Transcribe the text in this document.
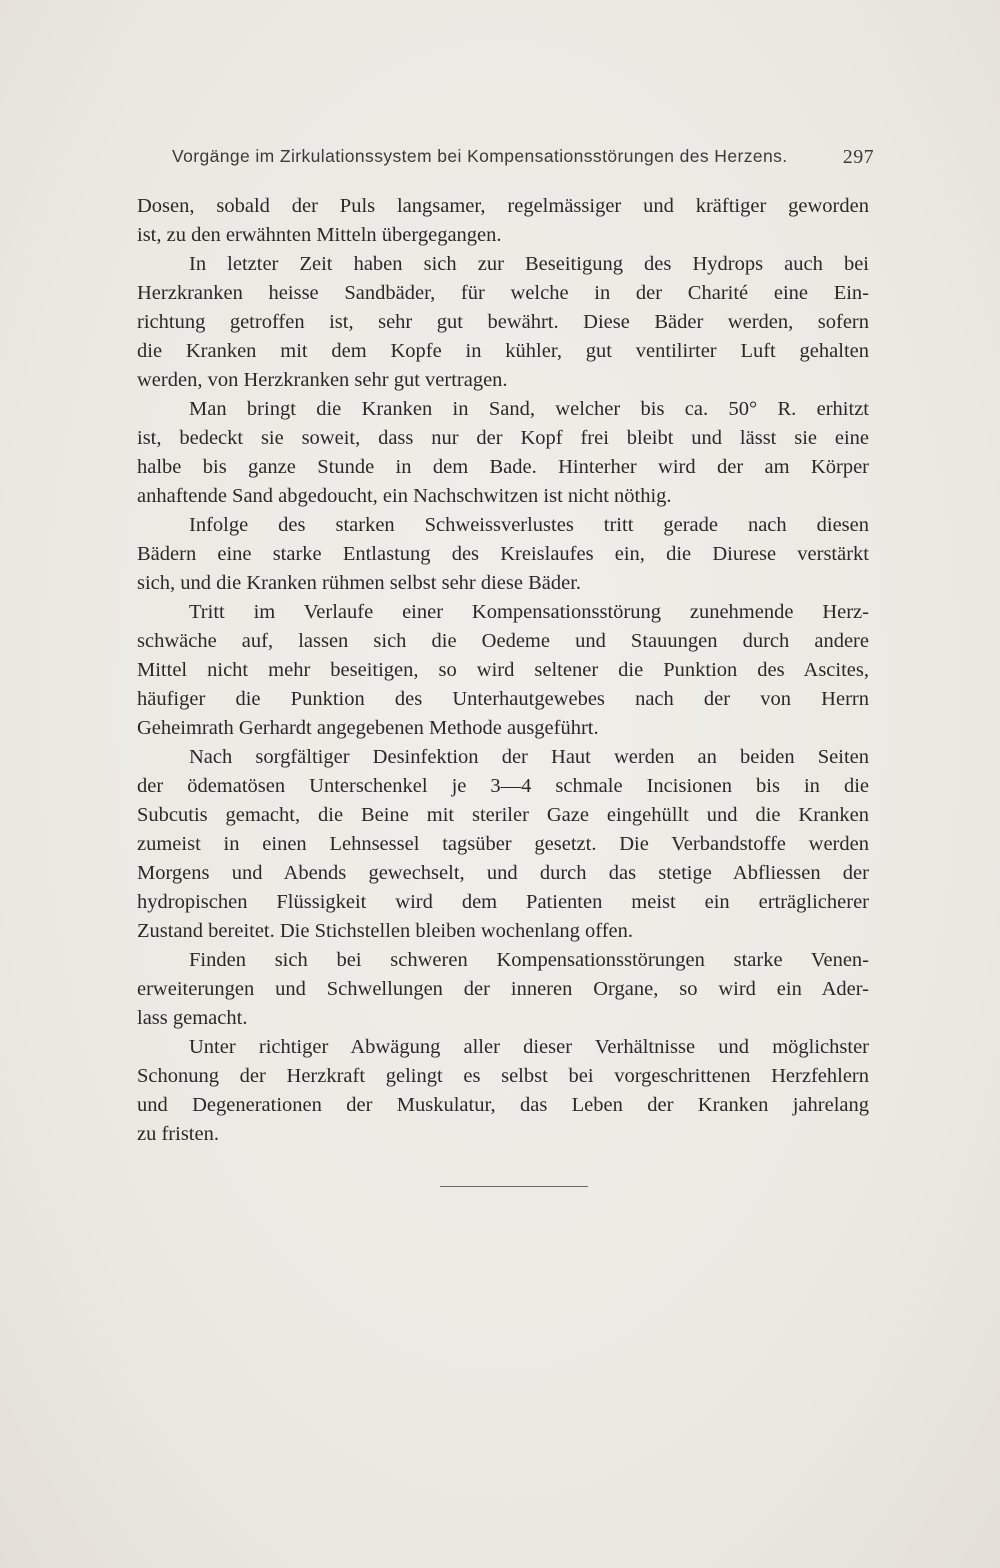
Vorgänge im Zirkulationssystem bei Kompensationsstörungen des Herzens.	297
Dosen, sobald der Puls langsamer, regelmässiger und kräftiger geworden
ist, zu den erwähnten Mitteln übergegangen.
In letzter Zeit haben sich zur Beseitigung des Hydrops auch bei
Herzkranken heisse Sandbäder, für welche in der Charité eine Ein-
richtung getroffen ist, sehr gut bewährt. Diese Bäder werden, sofern
die Kranken mit dem Kopfe in kühler, gut ventilirter Luft gehalten
werden, von Herzkranken sehr gut vertragen.
Man bringt die Kranken in Sand, welcher bis ca. 50° R. erhitzt
ist, bedeckt sie soweit, dass nur der Kopf frei bleibt und lässt sie eine
halbe bis ganze Stunde in dem Bade. Hinterher wird der am Körper
anhaftende Sand abgedoucht, ein Nachschwitzen ist nicht nöthig.
Infolge des starken Schweissverlustes tritt gerade nach diesen
Bädern eine starke Entlastung des Kreislaufes ein, die Diurese verstärkt
sich, und die Kranken rühmen selbst sehr diese Bäder.
Tritt im Verlaufe einer Kompensationsstörung zunehmende Herz-
schwäche auf, lassen sich die Oedeme und Stauungen durch andere
Mittel nicht mehr beseitigen, so wird seltener die Punktion des Ascites,
häufiger die Punktion des Unterhautgewebes nach der von Herrn
Geheimrath Gerhardt angegebenen Methode ausgeführt.
Nach sorgfältiger Desinfektion der Haut werden an beiden Seiten
der ödematösen Unterschenkel je 3—4 schmale Incisionen bis in die
Subcutis gemacht, die Beine mit steriler Gaze eingehüllt und die Kranken
zumeist in einen Lehnsessel tagsüber gesetzt. Die Verbandstoffe werden
Morgens und Abends gewechselt, und durch das stetige Abfliessen der
hydropischen Flüssigkeit wird dem Patienten meist ein erträglicherer
Zustand bereitet. Die Stichstellen bleiben wochenlang offen.
Finden sich bei schweren Kompensationsstörungen starke Venen-
erweiterungen und Schwellungen der inneren Organe, so wird ein Ader-
lass gemacht.
Unter richtiger Abwägung aller dieser Verhältnisse und möglichster
Schonung der Herzkraft gelingt es selbst bei vorgeschrittenen Herzfehlern
und Degenerationen der Muskulatur, das Leben der Kranken jahrelang
zu fristen.
